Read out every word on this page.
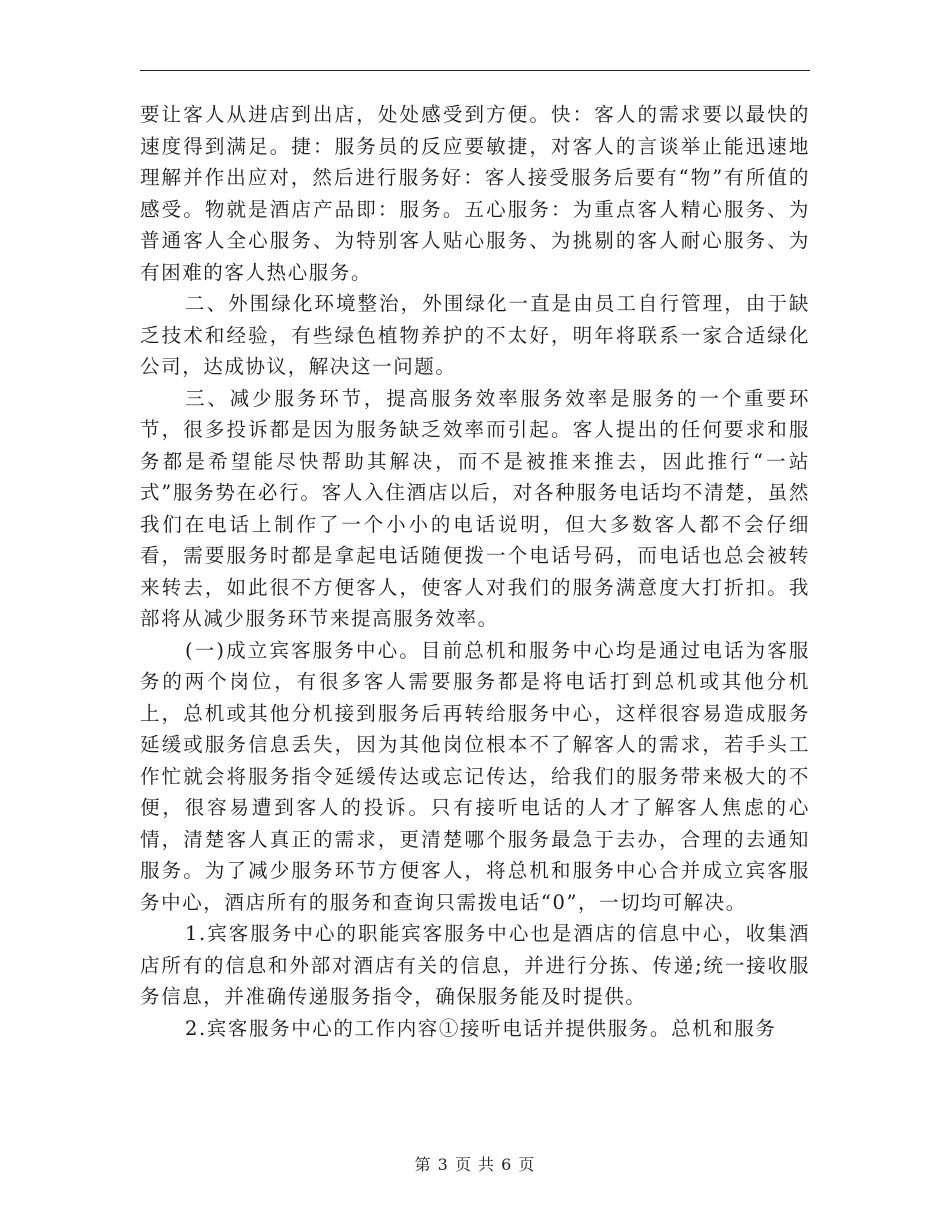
要让客人从进店到出店，处处感受到方便。快：客人的需求要以最快的速度得到满足。捷：服务员的反应要敏捷，对客人的言谈举止能迅速地理解并作出应对，然后进行服务好：客人接受服务后要有“物”有所值的感受。物就是酒店产品即：服务。五心服务：为重点客人精心服务、为普通客人全心服务、为特别客人贴心服务、为挑剔的客人耐心服务、为有困难的客人热心服务。

二、外围绿化环境整治，外围绿化一直是由员工自行管理，由于缺乏技术和经验，有些绿色植物养护的不太好，明年将联系一家合适绿化公司，达成协议，解决这一问题。

三、减少服务环节，提高服务效率服务效率是服务的一个重要环节，很多投诉都是因为服务缺乏效率而引起。客人提出的任何要求和服务都是希望能尽快帮助其解决，而不是被推来推去，因此推行“一站式”服务势在必行。客人入住酒店以后，对各种服务电话均不清楚，虽然我们在电话上制作了一个小小的电话说明，但大多数客人都不会仔细看，需要服务时都是拿起电话随便拨一个电话号码，而电话也总会被转来转去，如此很不方便客人，使客人对我们的服务满意度大打折扣。我部将从减少服务环节来提高服务效率。

(一)成立宾客服务中心。目前总机和服务中心均是通过电话为客服务的两个岗位，有很多客人需要服务都是将电话打到总机或其他分机上，总机或其他分机接到服务后再转给服务中心，这样很容易造成服务延缓或服务信息丢失，因为其他岗位根本不了解客人的需求，若手头工作忙就会将服务指令延缓传达或忘记传达，给我们的服务带来极大的不便，很容易遭到客人的投诉。只有接听电话的人才了解客人焦虑的心情，清楚客人真正的需求，更清楚哪个服务最急于去办，合理的去通知服务。为了减少服务环节方便客人，将总机和服务中心合并成立宾客服务中心，酒店所有的服务和查询只需拨电话“0”，一切均可解决。

1.宾客服务中心的职能宾客服务中心也是酒店的信息中心，收集酒店所有的信息和外部对酒店有关的信息，并进行分拣、传递;统一接收服务信息，并准确传递服务指令，确保服务能及时提供。

2.宾客服务中心的工作内容①接听电话并提供服务。总机和服务

第 3 页 共 6 页
